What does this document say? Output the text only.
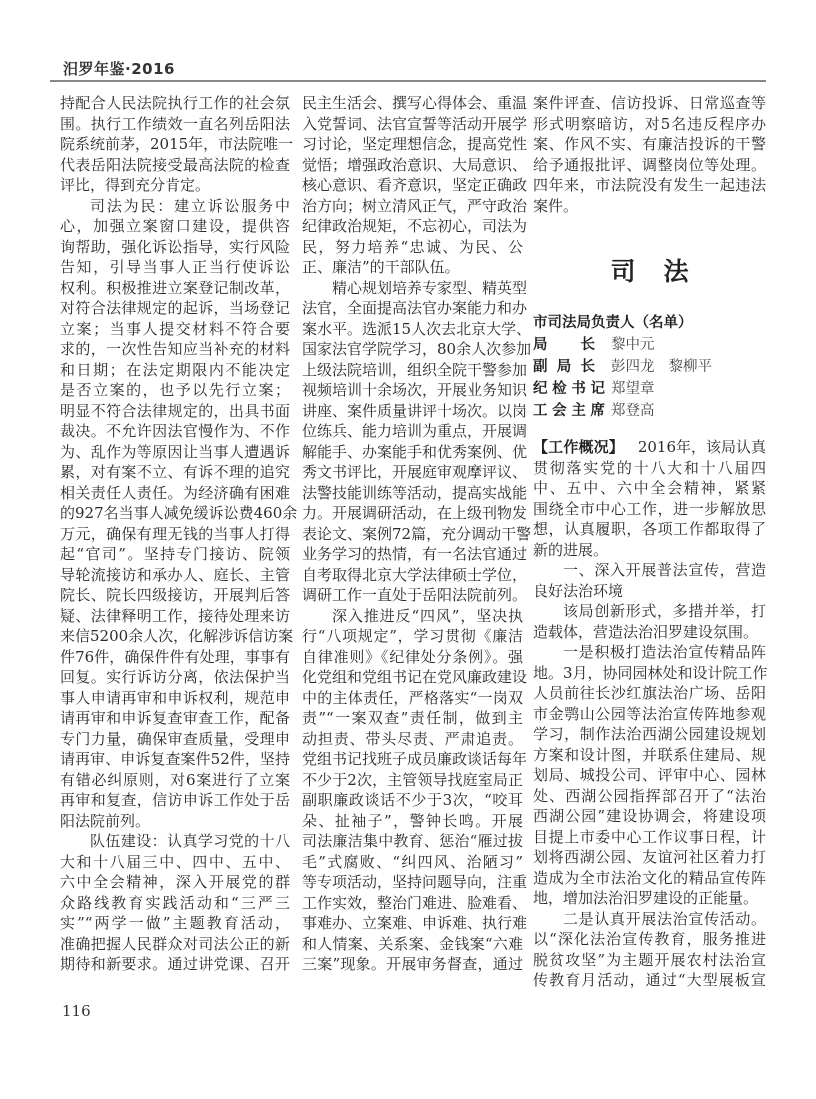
汨罗年鉴·2016
持配合人民法院执行工作的社会氛
围。执行工作绩效一直名列岳阳法
院系统前茅，2015年，市法院唯一
代表岳阳法院接受最高法院的检查
评比，得到充分肯定。
司法为民：建立诉讼服务中
心，加强立案窗口建设，提供咨
询帮助，强化诉讼指导，实行风险
告知，引导当事人正当行使诉讼
权利。积极推进立案登记制改革，
对符合法律规定的起诉，当场登记
立案；当事人提交材料不符合要
求的，一次性告知应当补充的材料
和日期；在法定期限内不能决定
是否立案的，也予以先行立案；
明显不符合法律规定的，出具书面
裁决。不允许因法官慢作为、不作
为、乱作为等原因让当事人遭遇诉
累，对有案不立、有诉不理的追究
相关责任人责任。为经济确有困难
的927名当事人减免缓诉讼费460余
万元，确保有理无钱的当事人打得
起“官司”。坚持专门接访、院领
导轮流接访和承办人、庭长、主管
院长、院长四级接访，开展判后答
疑、法律释明工作，接待处理来访
来信5200余人次，化解涉诉信访案
件76件，确保件件有处理，事事有
回复。实行诉访分离，依法保护当
事人申请再审和申诉权利，规范申
请再审和申诉复查审查工作，配备
专门力量，确保审查质量，受理申
请再审、申诉复查案件52件，坚持
有错必纠原则，对6案进行了立案
再审和复查，信访申诉工作处于岳
阳法院前列。
队伍建设：认真学习党的十八
大和十八届三中、四中、五中、
六中全会精神，深入开展党的群
众路线教育实践活动和“三严三
实”“两学一做”主题教育活动，
准确把握人民群众对司法公正的新
期待和新要求。通过讲党课、召开
民主生活会、撰写心得体会、重温
入党誓词、法官宣誓等活动开展学
习讨论，坚定理想信念，提高党性
觉悟；增强政治意识、大局意识、
核心意识、看齐意识，坚定正确政
治方向；树立清风正气，严守政治
纪律政治规矩，不忘初心，司法为
民，努力培养“忠诚、为民、公
正、廉洁”的干部队伍。
精心规划培养专家型、精英型
法官，全面提高法官办案能力和办
案水平。选派15人次去北京大学、
国家法官学院学习，80余人次参加
上级法院培训，组织全院干警参加
视频培训十余场次，开展业务知识
讲座、案件质量讲评十场次。以岗
位练兵、能力培训为重点，开展调
解能手、办案能手和优秀案例、优
秀文书评比，开展庭审观摩评议、
法警技能训练等活动，提高实战能
力。开展调研活动，在上级刊物发
表论文、案例72篇，充分调动干警
业务学习的热情，有一名法官通过
自考取得北京大学法律硕士学位，
调研工作一直处于岳阳法院前列。
深入推进反“四风”，坚决执
行“八项规定”，学习贯彻《廉洁
自律准则》《纪律处分条例》。强
化党组和党组书记在党风廉政建设
中的主体责任，严格落实“一岗双
责”“一案双查”责任制，做到主
动担责、带头尽责、严肃追责。
党组书记找班子成员廉政谈话每年
不少于2次，主管领导找庭室局正
副职廉政谈话不少于3次，“咬耳
朵、扯袖子”，警钟长鸣。开展
司法廉洁集中教育、惩治“雁过拔
毛”式腐败、“纠四风、治陋习”
等专项活动，坚持问题导向，注重
工作实效，整治门难进、脸难看、
事难办、立案难、申诉难、执行难
和人情案、关系案、金钱案“六难
三案”现象。开展审务督查，通过
案件评查、信访投诉、日常巡查等
形式明察暗访，对5名违反程序办
案、作风不实、有廉洁投诉的干警
给予通报批评、调整岗位等处理。
四年来，市法院没有发生一起违法
案件。
司法
市司法局负责人（名单）
局长 黎中元
副局长 彭四龙 黎柳平
纪检书记 郑望章
工会主席 郑登高
【工作概况】 2016年，该局认真
贯彻落实党的十八大和十八届四
中、五中、六中全会精神，紧紧
围绕全市中心工作，进一步解放思
想，认真履职，各项工作都取得了
新的进展。
一、深入开展普法宣传，营造
良好法治环境
该局创新形式，多措并举，打
造载体，营造法治汨罗建设氛围。
一是积极打造法治宣传精品阵
地。3月，协同园林处和设计院工作
人员前往长沙红旗法治广场、岳阳
市金鹗山公园等法治宣传阵地参观
学习，制作法治西湖公园建设规划
方案和设计图，并联系住建局、规
划局、城投公司、评审中心、园林
处、西湖公园指挥部召开了“法治
西湖公园”建设协调会，将建设项
目提上市委中心工作议事日程，计
划将西湖公园、友谊河社区着力打
造成为全市法治文化的精品宣传阵
地，增加法治汨罗建设的正能量。
二是认真开展法治宣传活动。
以“深化法治宣传教育，服务推进
脱贫攻坚”为主题开展农村法治宣
传教育月活动，通过“大型展板宣
116
